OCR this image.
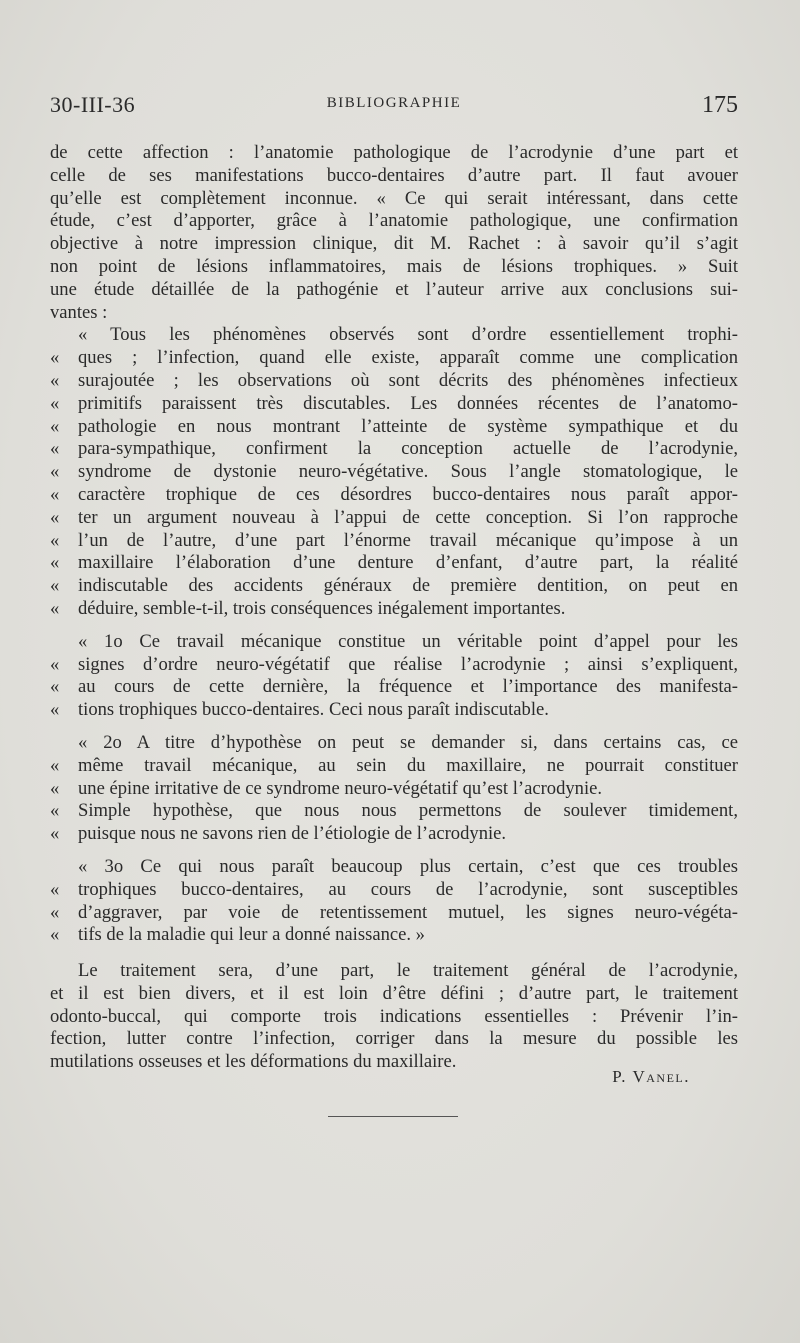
30-III-36	BIBLIOGRAPHIE	175
de cette affection : l’anatomie pathologique de l’acrodynie d’une part et
celle de ses manifestations bucco-dentaires d’autre part. Il faut avouer
qu’elle est complètement inconnue. « Ce qui serait intéressant, dans cette
étude, c’est d’apporter, grâce à l’anatomie pathologique, une confirmation
objective à notre impression clinique, dit M. Rachet : à savoir qu’il s’agit
non point de lésions inflammatoires, mais de lésions trophiques. » Suit
une étude détaillée de la pathogénie et l’auteur arrive aux conclusions sui-
vantes :
« Tous les phénomènes observés sont d’ordre essentiellement trophi-
« ques ; l’infection, quand elle existe, apparaît comme une complication
« surajoutée ; les observations où sont décrits des phénomènes infectieux
« primitifs paraissent très discutables. Les données récentes de l’anatomo-
« pathologie en nous montrant l’atteinte de système sympathique et du
« para-sympathique, confirment la conception actuelle de l’acrodynie,
« syndrome de dystonie neuro-végétative. Sous l’angle stomatologique, le
« caractère trophique de ces désordres bucco-dentaires nous paraît appor-
« ter un argument nouveau à l’appui de cette conception. Si l’on rapproche
« l’un de l’autre, d’une part l’énorme travail mécanique qu’impose à un
« maxillaire l’élaboration d’une denture d’enfant, d’autre part, la réalité
« indiscutable des accidents généraux de première dentition, on peut en
« déduire, semble-t-il, trois conséquences inégalement importantes.
« 1o Ce travail mécanique constitue un véritable point d’appel pour les
« signes d’ordre neuro-végétatif que réalise l’acrodynie ; ainsi s’expliquent,
« au cours de cette dernière, la fréquence et l’importance des manifesta-
« tions trophiques bucco-dentaires. Ceci nous paraît indiscutable.
« 2o A titre d’hypothèse on peut se demander si, dans certains cas, ce
« même travail mécanique, au sein du maxillaire, ne pourrait constituer
« une épine irritative de ce syndrome neuro-végétatif qu’est l’acrodynie.
« Simple hypothèse, que nous nous permettons de soulever timidement,
« puisque nous ne savons rien de l’étiologie de l’acrodynie.
« 3o Ce qui nous paraît beaucoup plus certain, c’est que ces troubles
« trophiques bucco-dentaires, au cours de l’acrodynie, sont susceptibles
« d’aggraver, par voie de retentissement mutuel, les signes neuro-végéta-
« tifs de la maladie qui leur a donné naissance. »
Le traitement sera, d’une part, le traitement général de l’acrodynie,
et il est bien divers, et il est loin d’être défini ; d’autre part, le traitement
odonto-buccal, qui comporte trois indications essentielles : Prévenir l’in-
fection, lutter contre l’infection, corriger dans la mesure du possible les
mutilations osseuses et les déformations du maxillaire.
P. Vanel.
